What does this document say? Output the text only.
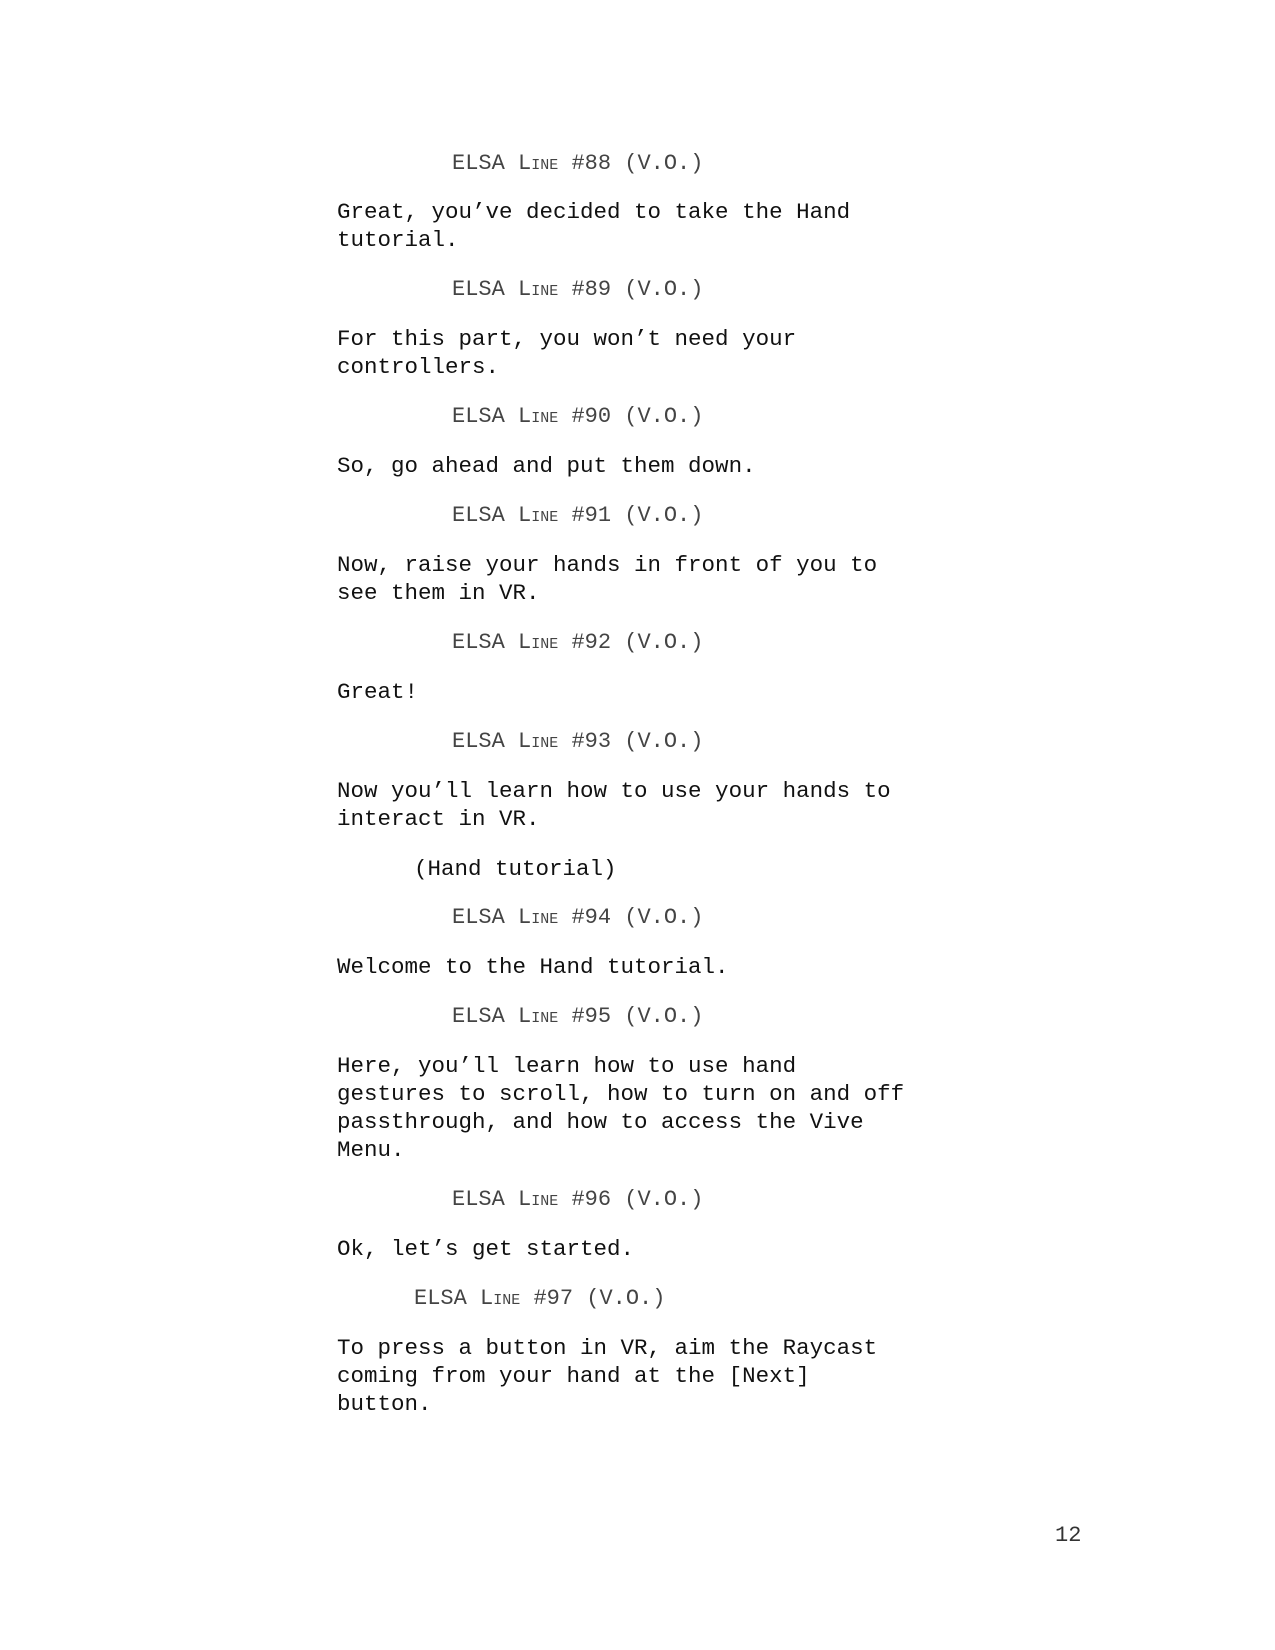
ELSA Line #88 (V.O.)
Great, you’ve decided to take the Hand
tutorial.
ELSA Line #89 (V.O.)
For this part, you won’t need your
controllers.
ELSA Line #90 (V.O.)
So, go ahead and put them down.
ELSA Line #91 (V.O.)
Now, raise your hands in front of you to
see them in VR.
ELSA Line #92 (V.O.)
Great!
ELSA Line #93 (V.O.)
Now you’ll learn how to use your hands to
interact in VR.
(Hand tutorial)
ELSA Line #94 (V.O.)
Welcome to the Hand tutorial.
ELSA Line #95 (V.O.)
Here, you’ll learn how to use hand
gestures to scroll, how to turn on and off
passthrough, and how to access the Vive
Menu.
ELSA Line #96 (V.O.)
Ok, let’s get started.
ELSA Line #97 (V.O.)
To press a button in VR, aim the Raycast
coming from your hand at the [Next]
button.
12
